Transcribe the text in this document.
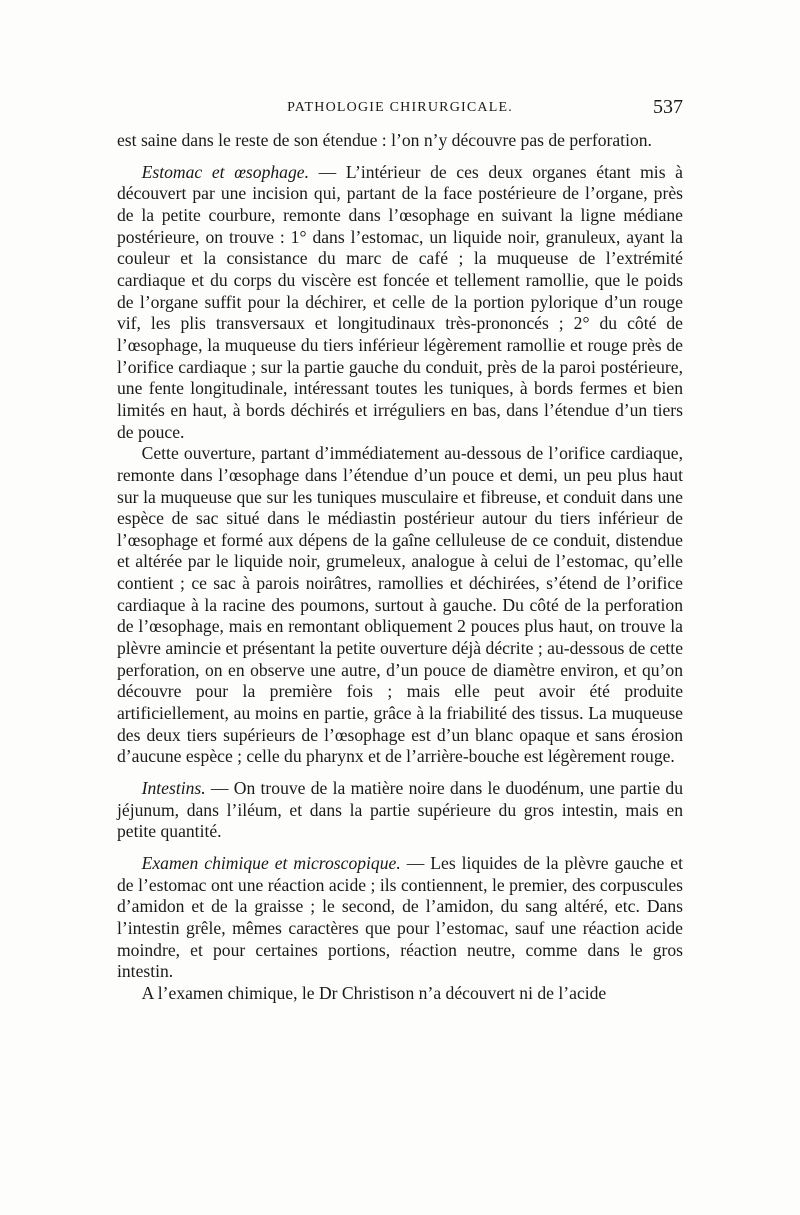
PATHOLOGIE CHIRURGICALE.	537

est saine dans le reste de son étendue : l’on n’y découvre pas de perforation.

Estomac et œsophage. — L’intérieur de ces deux organes étant mis à découvert par une incision qui, partant de la face postérieure de l’organe, près de la petite courbure, remonte dans l’œsophage en suivant la ligne médiane postérieure, on trouve : 1° dans l’estomac, un liquide noir, granuleux, ayant la couleur et la consistance du marc de café ; la muqueuse de l’extrémité cardiaque et du corps du viscère est foncée et tellement ramollie, que le poids de l’organe suffit pour la déchirer, et celle de la portion pylorique d’un rouge vif, les plis transversaux et longitudinaux très-prononcés ; 2° du côté de l’œsophage, la muqueuse du tiers inférieur légèrement ramollie et rouge près de l’orifice cardiaque ; sur la partie gauche du conduit, près de la paroi postérieure, une fente longitudinale, intéressant toutes les tuniques, à bords fermes et bien limités en haut, à bords déchirés et irréguliers en bas, dans l’étendue d’un tiers de pouce.

Cette ouverture, partant d’immédiatement au-dessous de l’orifice cardiaque, remonte dans l’œsophage dans l’étendue d’un pouce et demi, un peu plus haut sur la muqueuse que sur les tuniques musculaire et fibreuse, et conduit dans une espèce de sac situé dans le médiastin postérieur autour du tiers inférieur de l’œsophage et formé aux dépens de la gaîne celluleuse de ce conduit, distendue et altérée par le liquide noir, grumeleux, analogue à celui de l’estomac, qu’elle contient ; ce sac à parois noirâtres, ramollies et déchirées, s’étend de l’orifice cardiaque à la racine des poumons, surtout à gauche. Du côté de la perforation de l’œsophage, mais en remontant obliquement 2 pouces plus haut, on trouve la plèvre amincie et présentant la petite ouverture déjà décrite ; au-dessous de cette perforation, on en observe une autre, d’un pouce de diamètre environ, et qu’on découvre pour la première fois ; mais elle peut avoir été produite artificiellement, au moins en partie, grâce à la friabilité des tissus. La muqueuse des deux tiers supérieurs de l’œsophage est d’un blanc opaque et sans érosion d’aucune espèce ; celle du pharynx et de l’arrière-bouche est légèrement rouge.

Intestins. — On trouve de la matière noire dans le duodénum, une partie du jéjunum, dans l’iléum, et dans la partie supérieure du gros intestin, mais en petite quantité.

Examen chimique et microscopique. — Les liquides de la plèvre gauche et de l’estomac ont une réaction acide ; ils contiennent, le premier, des corpuscules d’amidon et de la graisse ; le second, de l’amidon, du sang altéré, etc. Dans l’intestin grêle, mêmes caractères que pour l’estomac, sauf une réaction acide moindre, et pour certaines portions, réaction neutre, comme dans le gros intestin.

A l’examen chimique, le Dr Christison n’a découvert ni de l’acide
